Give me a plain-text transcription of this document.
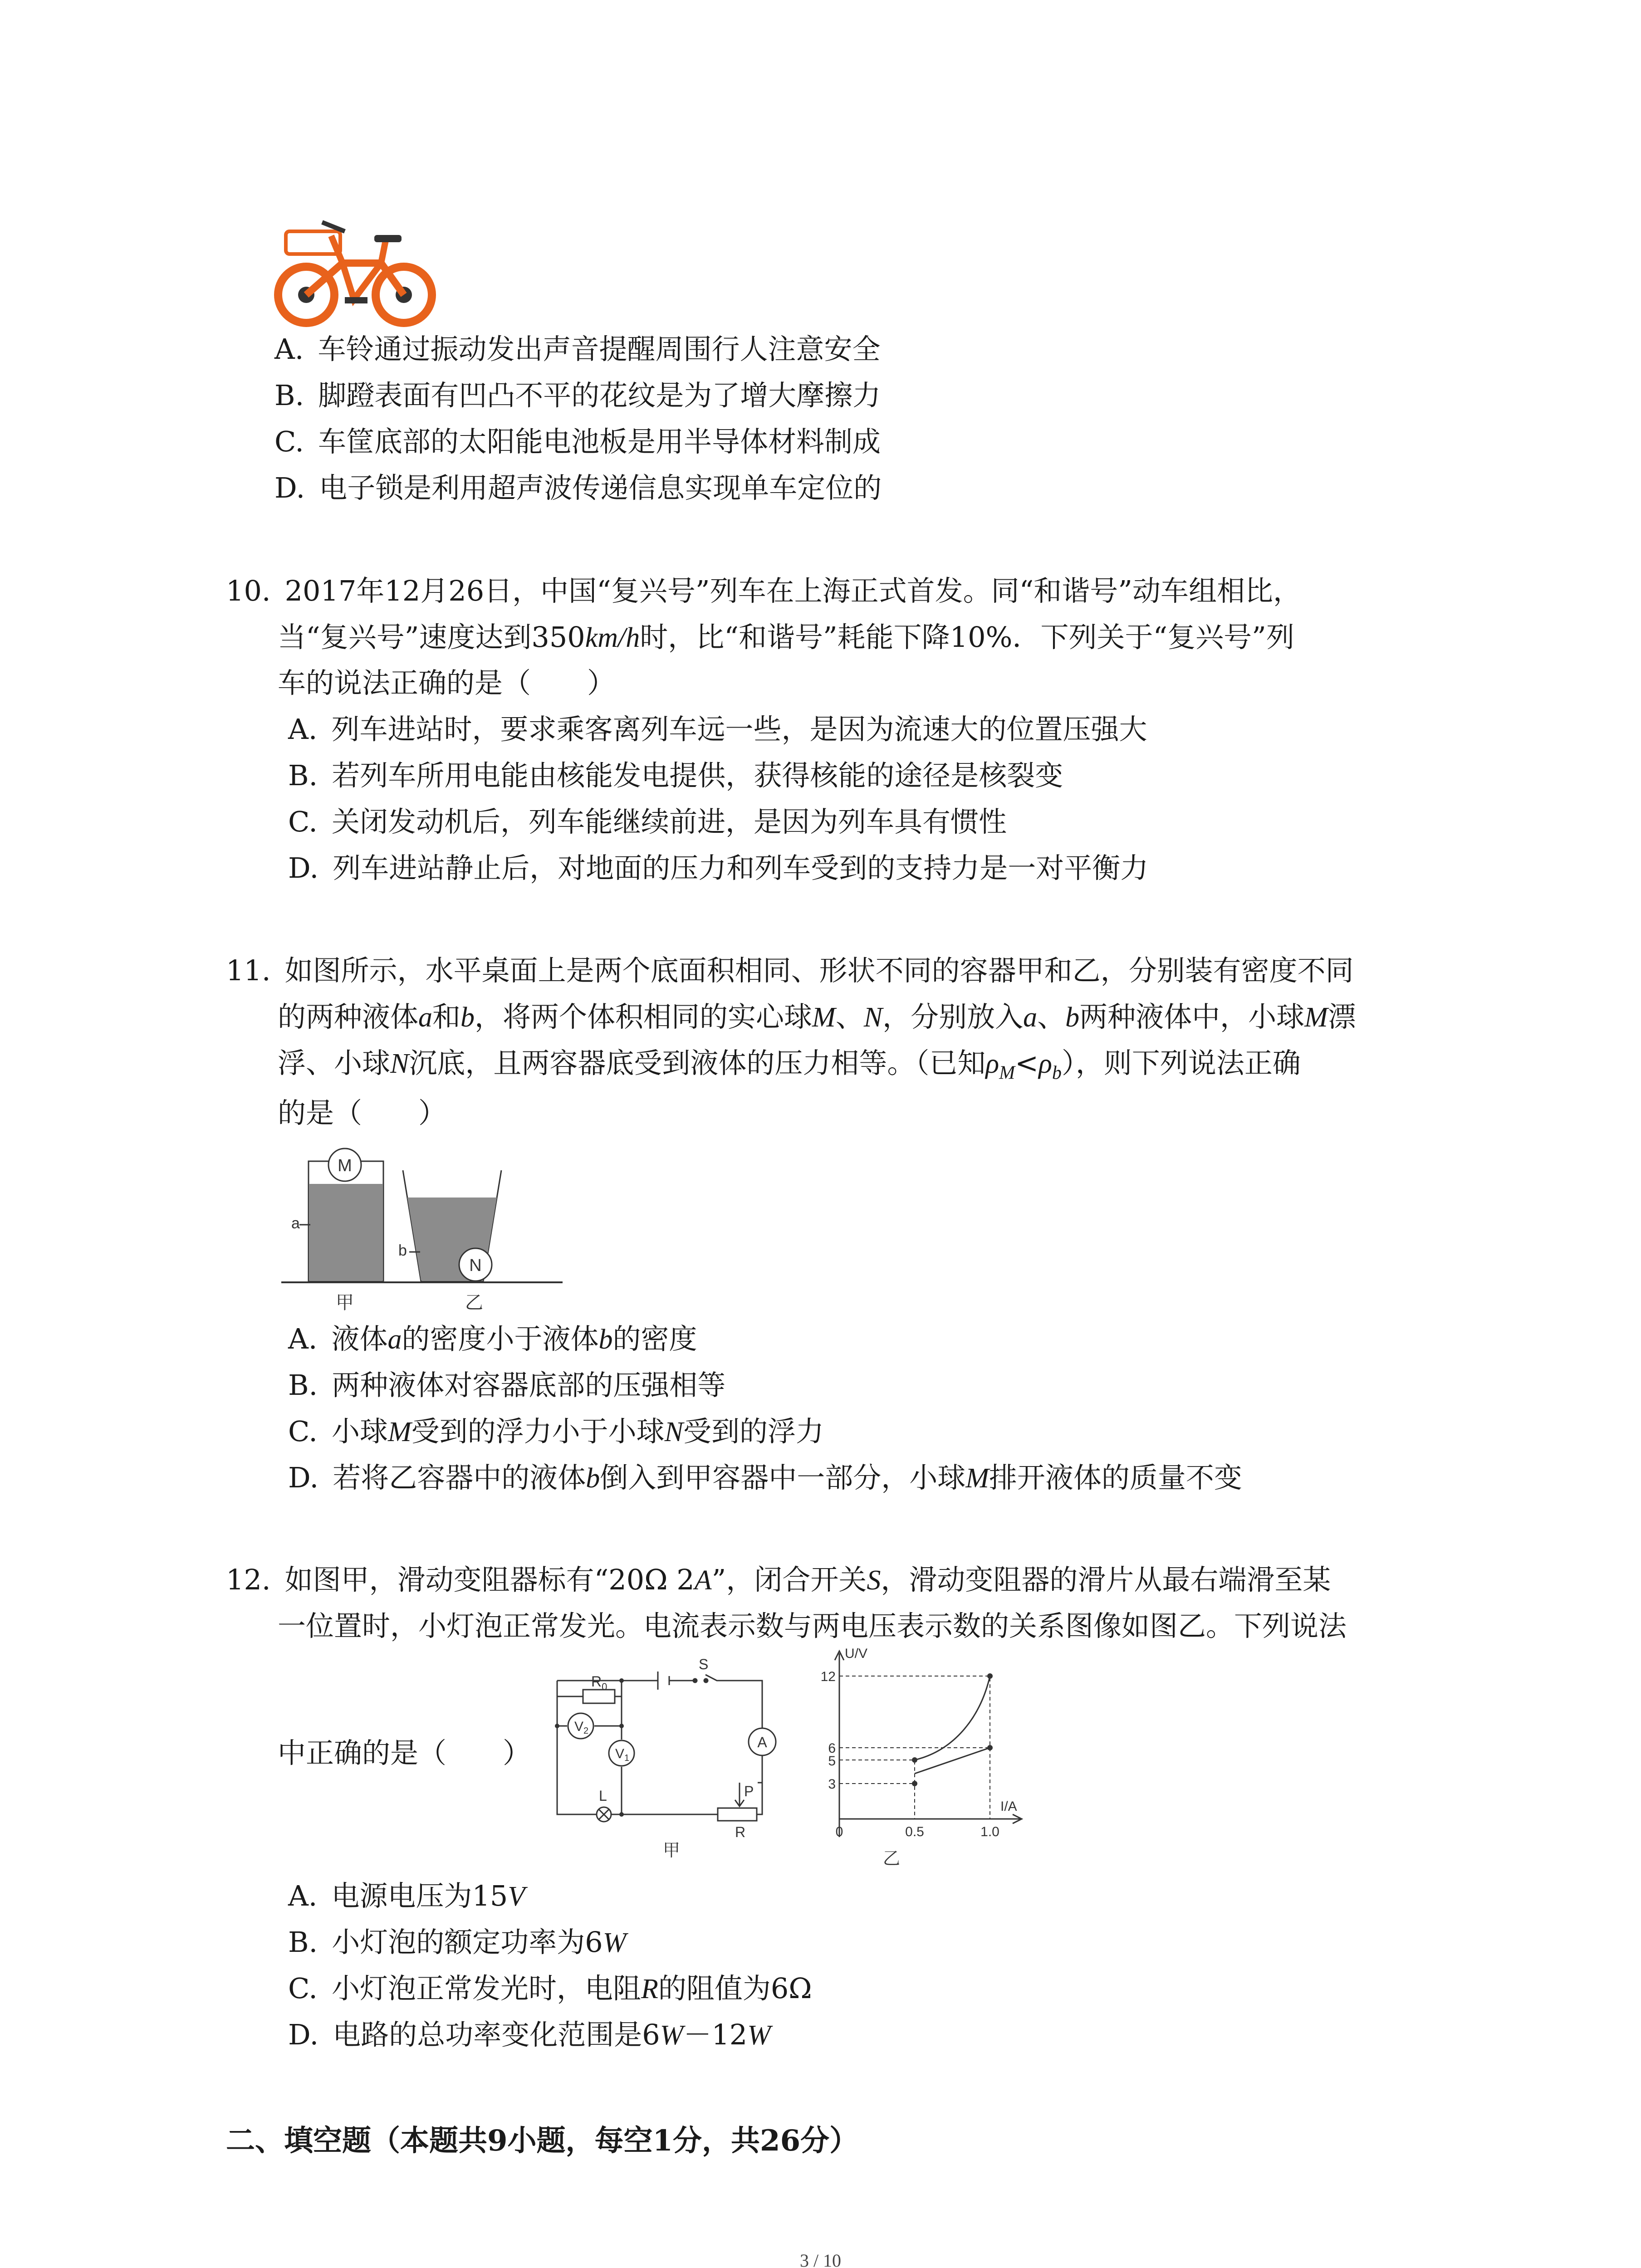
A.  车铃通过振动发出声音提醒周围行人注意安全
B.  脚蹬表面有凹凸不平的花纹是为了增大摩擦力
C.  车筐底部的太阳能电池板是用半导体材料制成
D.  电子锁是利用超声波传递信息实现单车定位的
10.  2017年12月26日，中国“复兴号”列车在上海正式首发。同“和谐号”动车组相比，
当“复兴号”速度达到350km/h时，比“和谐号”耗能下降10%．下列关于“复兴号”列
车的说法正确的是（　　）
A.  列车进站时，要求乘客离列车远一些，是因为流速大的位置压强大
B.  若列车所用电能由核能发电提供，获得核能的途径是核裂变
C.  关闭发动机后，列车能继续前进，是因为列车具有惯性
D.  列车进站静止后，对地面的压力和列车受到的支持力是一对平衡力
11.  如图所示，水平桌面上是两个底面积相同、形状不同的容器甲和乙，分别装有密度不同
的两种液体a和b，将两个体积相同的实心球M、N，分别放入a、b两种液体中，小球M漂
浮、小球N沉底，且两容器底受到液体的压力相等。（已知$\rho_M<\rho_b$），则下列说法正确
的是（　　）
M
a
N
b
甲	乙
A.  液体a的密度小于液体b的密度
B.  两种液体对容器底部的压强相等
C.  小球M受到的浮力小于小球N受到的浮力
D.  若将乙容器中的液体b倒入到甲容器中一部分，小球M排开液体的质量不变
12.  如图甲，滑动变阻器标有“20Ω 2A”，闭合开关S，滑动变阻器的滑片从最右端滑至某
一位置时，小灯泡正常发光。电流表示数与两电压表示数的关系图像如图乙。下列说法
中正确的是（　　）
S
$R_0$
$V_2$
$V_1$
A
L	P
R
甲
U/V
I/A
12
6
5
3
0	0.5	1.0
乙
A.  电源电压为15V
B.  小灯泡的额定功率为6W
C.  小灯泡正常发光时，电阻R的阻值为6Ω
D.  电路的总功率变化范围是6W－12W
二、填空题（本题共9小题，每空1分，共26分）
3 / 10
